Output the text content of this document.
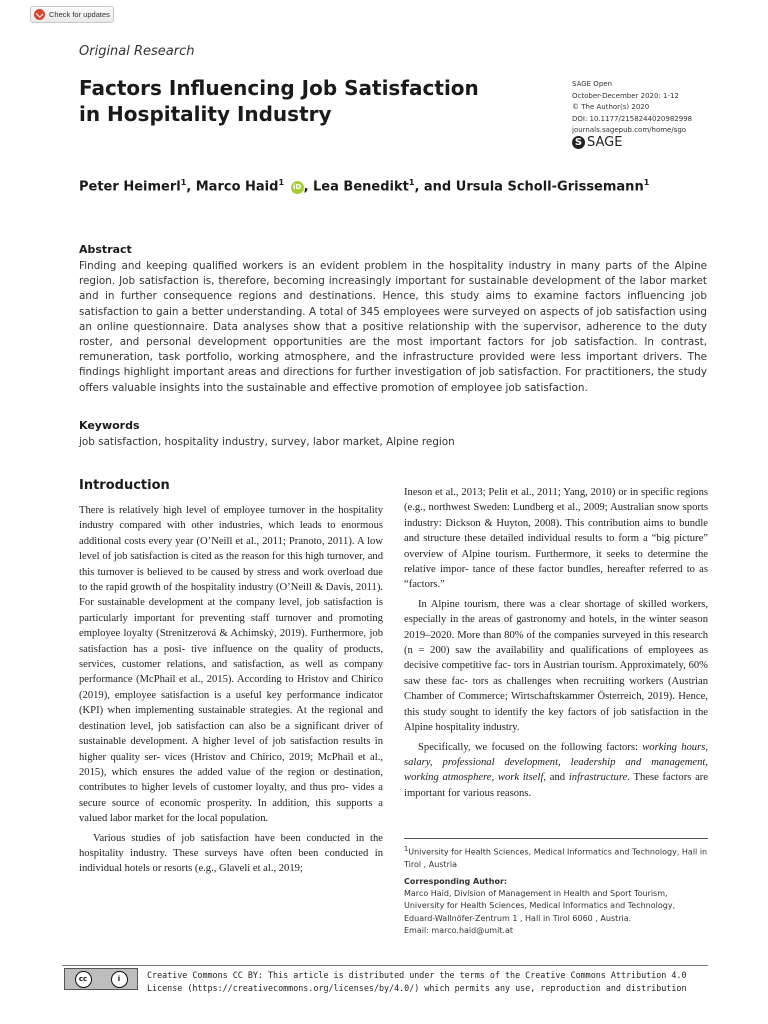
Check for updates
Original Research
Factors Influencing Job Satisfaction
in Hospitality Industry
SAGE Open
October-December 2020: 1-12
© The Author(s) 2020
DOI: 10.1177/2158244020982998
journals.sagepub.com/home/sgo
S SAGE
Peter Heimerl$^1$, Marco Haid$^1$ iD , Lea Benedikt$^1$, and Ursula Scholl-Grissemann$^1$
Abstract
Finding and keeping qualified workers is an evident problem in the hospitality industry in many parts of the Alpine region. Job satisfaction is, therefore, becoming increasingly important for sustainable development of the labor market and in further consequence regions and destinations. Hence, this study aims to examine factors influencing job satisfaction to gain a better understanding. A total of 345 employees were surveyed on aspects of job satisfaction using an online questionnaire. Data analyses show that a positive relationship with the supervisor, adherence to the duty roster, and personal development opportunities are the most important factors for job satisfaction. In contrast, remuneration, task portfolio, working atmosphere, and the infrastructure provided were less important drivers. The findings highlight important areas and directions for further investigation of job satisfaction. For practitioners, the study offers valuable insights into the sustainable and effective promotion of employee job satisfaction.
Keywords
job satisfaction, hospitality industry, survey, labor market, Alpine region
Introduction

There is relatively high level of employee turnover in the hospitality industry compared with other industries, which leads to enormous additional costs every year (O’Neill et al., 2011; Pranoto, 2011). A low level of job satisfaction is cited as the reason for this high turnover, and this turnover is believed to be caused by stress and work overload due to the rapid growth of the hospitality industry (O’Neill & Davis, 2011). For sustainable development at the company level, job satisfaction is particularly important for preventing staff turnover and promoting employee loyalty (Strenitzerová & Achimský, 2019). Furthermore, job satisfaction has a posi- tive influence on the quality of products, services, customer relations, and satisfaction, as well as company performance (McPhail et al., 2015). According to Hristov and Chirico (2019), employee satisfaction is a useful key performance indicator (KPI) when implementing sustainable strategies. At the regional and destination level, job satisfaction can also be a significant driver of sustainable development. A higher level of job satisfaction results in higher quality ser- vices (Hristov and Chirico, 2019; McPhail et al., 2015), which ensures the added value of the region or destination, contributes to higher levels of customer loyalty, and thus pro- vides a secure source of economic prosperity. In addition, this supports a valued labor market for the local population.

Various studies of job satisfaction have been conducted in the hospitality industry. These surveys have often been conducted in individual hotels or resorts (e.g., Glaveli et al., 2019;

Ineson et al., 2013; Pelit et al., 2011; Yang, 2010) or in specific regions (e.g., northwest Sweden: Lundberg et al., 2009; Australian snow sports industry: Dickson & Huyton, 2008). This contribution aims to bundle and structure these detailed individual results to form a “big picture” overview of Alpine tourism. Furthermore, it seeks to determine the relative impor- tance of these factor bundles, hereafter referred to as “factors.”

In Alpine tourism, there was a clear shortage of skilled workers, especially in the areas of gastronomy and hotels, in the winter season 2019–2020. More than 80% of the companies surveyed in this research (n = 200) saw the availability and qualifications of employees as decisive competitive fac- tors in Austrian tourism. Approximately, 60% saw these fac- tors as challenges when recruiting workers (Austrian Chamber of Commerce; Wirtschaftskammer Österreich, 2019). Hence, this study sought to identify the key factors of job satisfaction in the Alpine hospitality industry.

Specifically, we focused on the following factors: working hours, salary, professional development, leadership and management, working atmosphere, work itself, and infrastructure. These factors are important for various reasons.

$^1$University for Health Sciences, Medical Informatics and Technology, Hall in Tirol , Austria
Corresponding Author:
Marco Haid, Division of Management in Health and Sport Tourism,
University for Health Sciences, Medical Informatics and Technology,
Eduard-Wallnöfer-Zentrum 1 , Hall in Tirol 6060 , Austria.
Email: marco.haid@umit.at
cc	i	Creative Commons CC BY: This article is distributed under the terms of the Creative Commons Attribution 4.0
License (https://creativecommons.org/licenses/by/4.0/) which permits any use, reproduction and distribution
